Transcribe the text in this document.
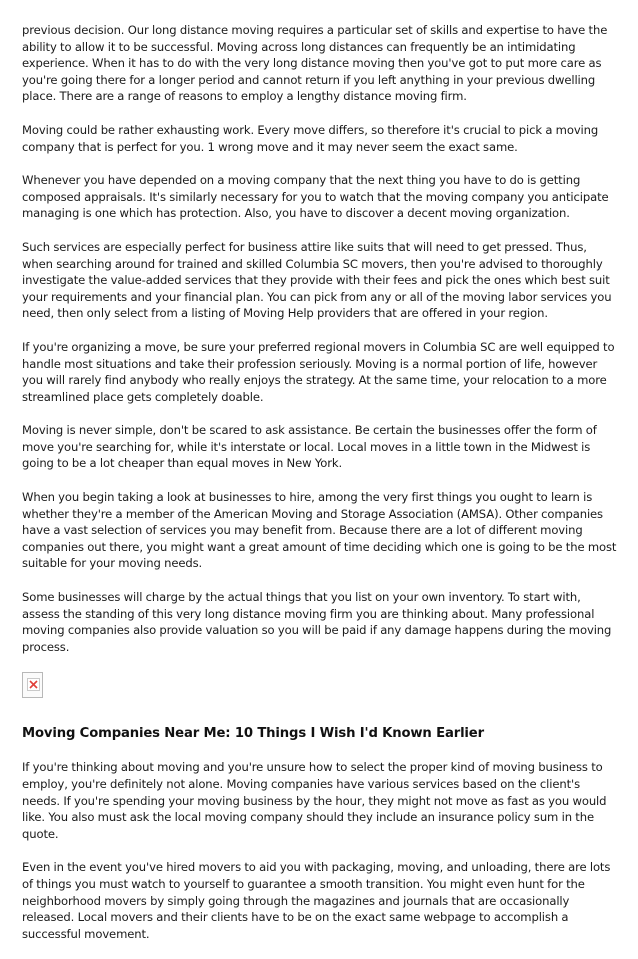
previous decision. Our long distance moving requires a particular set of skills and expertise to have the ability to allow it to be successful. Moving across long distances can frequently be an intimidating experience. When it has to do with the very long distance moving then you've got to put more care as you're going there for a longer period and cannot return if you left anything in your previous dwelling place. There are a range of reasons to employ a lengthy distance moving firm.

Moving could be rather exhausting work. Every move differs, so therefore it's crucial to pick a moving company that is perfect for you. 1 wrong move and it may never seem the exact same.

Whenever you have depended on a moving company that the next thing you have to do is getting composed appraisals. It's similarly necessary for you to watch that the moving company you anticipate managing is one which has protection. Also, you have to discover a decent moving organization.

Such services are especially perfect for business attire like suits that will need to get pressed. Thus, when searching around for trained and skilled Columbia SC movers, then you're advised to thoroughly investigate the value-added services that they provide with their fees and pick the ones which best suit your requirements and your financial plan. You can pick from any or all of the moving labor services you need, then only select from a listing of Moving Help providers that are offered in your region.

If you're organizing a move, be sure your preferred regional movers in Columbia SC are well equipped to handle most situations and take their profession seriously. Moving is a normal portion of life, however you will rarely find anybody who really enjoys the strategy. At the same time, your relocation to a more streamlined place gets completely doable.

Moving is never simple, don't be scared to ask assistance. Be certain the businesses offer the form of move you're searching for, while it's interstate or local. Local moves in a little town in the Midwest is going to be a lot cheaper than equal moves in New York.

When you begin taking a look at businesses to hire, among the very first things you ought to learn is whether they're a member of the American Moving and Storage Association (AMSA). Other companies have a vast selection of services you may benefit from. Because there are a lot of different moving companies out there, you might want a great amount of time deciding which one is going to be the most suitable for your moving needs.

Some businesses will charge by the actual things that you list on your own inventory. To start with, assess the standing of this very long distance moving firm you are thinking about. Many professional moving companies also provide valuation so you will be paid if any damage happens during the moving process.

Moving Companies Near Me: 10 Things I Wish I'd Known Earlier

If you're thinking about moving and you're unsure how to select the proper kind of moving business to employ, you're definitely not alone. Moving companies have various services based on the client's needs. If you're spending your moving business by the hour, they might not move as fast as you would like. You also must ask the local moving company should they include an insurance policy sum in the quote.

Even in the event you've hired movers to aid you with packaging, moving, and unloading, there are lots of things you must watch to yourself to guarantee a smooth transition. You might even hunt for the neighborhood movers by simply going through the magazines and journals that are occasionally released. Local movers and their clients have to be on the exact same webpage to accomplish a successful movement.
